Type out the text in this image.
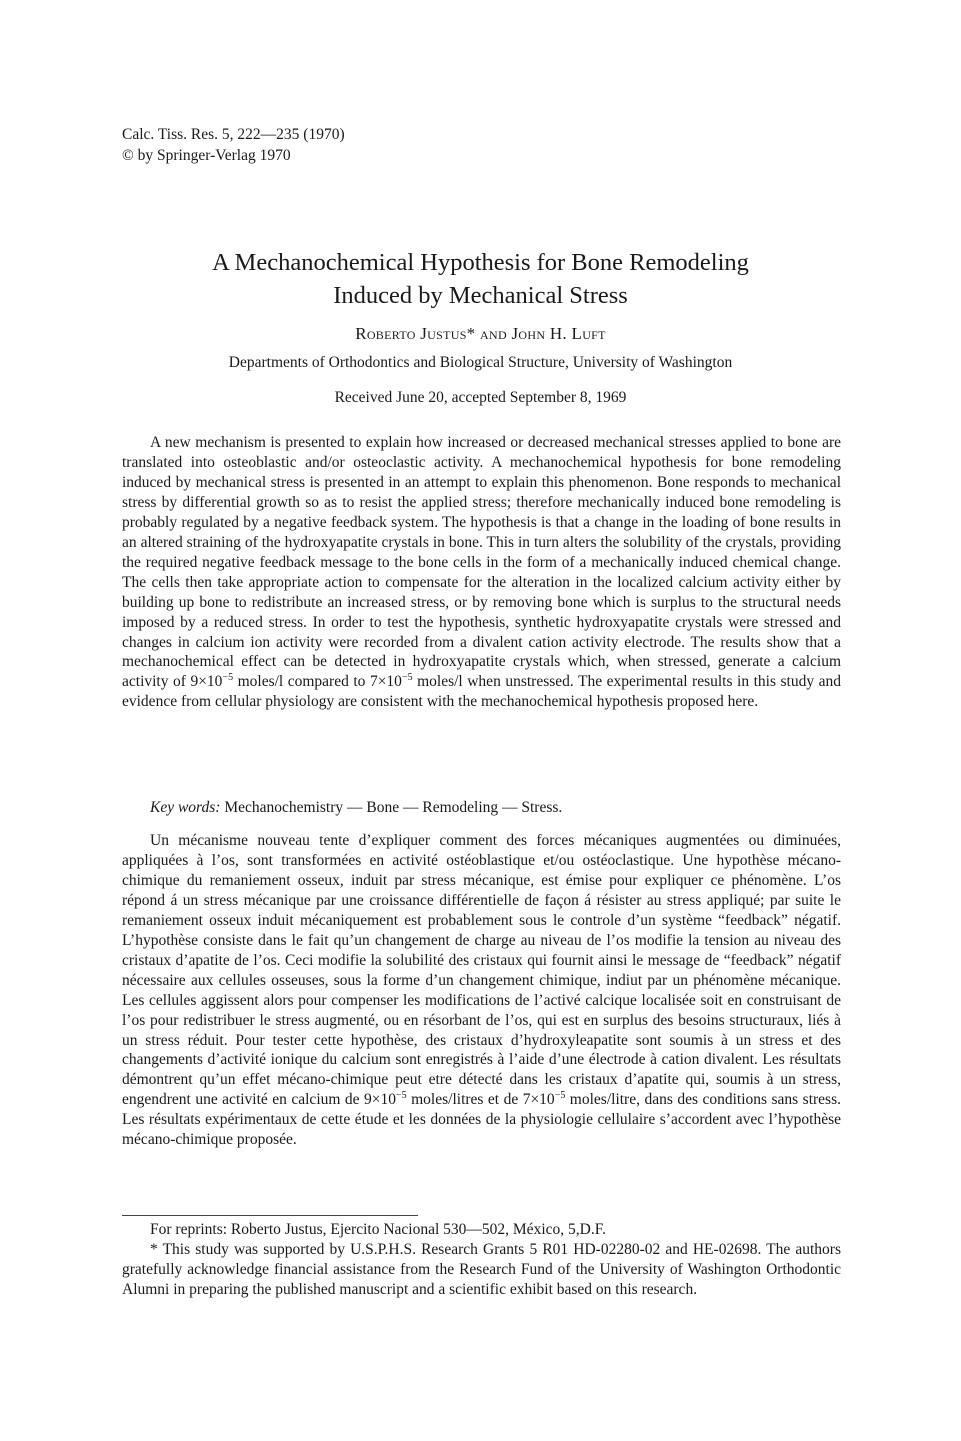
Calc. Tiss. Res. 5, 222—235 (1970)
© by Springer-Verlag 1970
A Mechanochemical Hypothesis for Bone Remodeling
Induced by Mechanical Stress
Roberto Justus* and John H. Luft
Departments of Orthodontics and Biological Structure, University of Washington
Received June 20, accepted September 8, 1969

A new mechanism is presented to explain how increased or decreased mechanical stresses applied to bone are translated into osteoblastic and/or osteoclastic activity. A mechanochemical hypothesis for bone remodeling induced by mechanical stress is presented in an attempt to explain this phenomenon. Bone responds to mechanical stress by differential growth so as to resist the applied stress; therefore mechanically induced bone remodeling is probably regulated by a negative feedback system. The hypothesis is that a change in the loading of bone results in an altered straining of the hydroxyapatite crystals in bone. This in turn alters the solubility of the crystals, providing the required negative feedback message to the bone cells in the form of a mechanically induced chemical change. The cells then take appropriate action to compensate for the alteration in the localized calcium activity either by building up bone to redistribute an increased stress, or by removing bone which is surplus to the structural needs imposed by a reduced stress. In order to test the hypothesis, synthetic hydroxyapatite crystals were stressed and changes in calcium ion activity were recorded from a divalent cation activity electrode. The results show that a mechanochemical effect can be detected in hydroxyapatite crystals which, when stressed, generate a calcium activity of $9\times 10^{-5}$ moles/l compared to $7\times 10^{-5}$ moles/l when unstressed. The experimental results in this study and evidence from cellular physiology are consistent with the mechanochemical hypothesis proposed here.

Key words: Mechanochemistry — Bone — Remodeling — Stress.

Un mécanisme nouveau tente d’expliquer comment des forces mécaniques augmentées ou diminuées, appliquées à l’os, sont transformées en activité ostéoblastique et/ou ostéoclastique. Une hypothèse mécano-chimique du remaniement osseux, induit par stress mécanique, est émise pour expliquer ce phénomène. L’os répond á un stress mécanique par une croissance différentielle de façon á résister au stress appliqué; par suite le remaniement osseux induit mécaniquement est probablement sous le controle d’un système “feedback” négatif. L’hypothèse consiste dans le fait qu’un changement de charge au niveau de l’os modifie la tension au niveau des cristaux d’apatite de l’os. Ceci modifie la solubilité des cristaux qui fournit ainsi le message de “feedback” négatif nécessaire aux cellules osseuses, sous la forme d’un changement chimique, indiut par un phénomène mécanique. Les cellules aggissent alors pour compenser les modifications de l’activé calcique localisée soit en construisant de l’os pour redistribuer le stress augmenté, ou en résorbant de l’os, qui est en surplus des besoins structuraux, liés à un stress réduit. Pour tester cette hypothèse, des cristaux d’hydroxyleapatite sont soumis à un stress et des changements d’activité ionique du calcium sont enregistrés à l’aide d’une électrode à cation divalent. Les résultats démontrent qu’un effet mécano-chimique peut etre détecté dans les cristaux d’apatite qui, soumis à un stress, engendrent une activité en calcium de $9\times 10^{-5}$ moles/litres et de $7\times 10^{-5}$ moles/litre, dans des conditions sans stress. Les résultats expérimentaux de cette étude et les données de la physiologie cellulaire s’accordent avec l’hypothèse mécano-chimique proposée.

For reprints: Roberto Justus, Ejercito Nacional 530—502, México, 5,D.F.

* This study was supported by U.S.P.H.S. Research Grants 5 R01 HD-02280-02 and HE-02698. The authors gratefully acknowledge financial assistance from the Research Fund of the University of Washington Orthodontic Alumni in preparing the published manuscript and a scientific exhibit based on this research.
